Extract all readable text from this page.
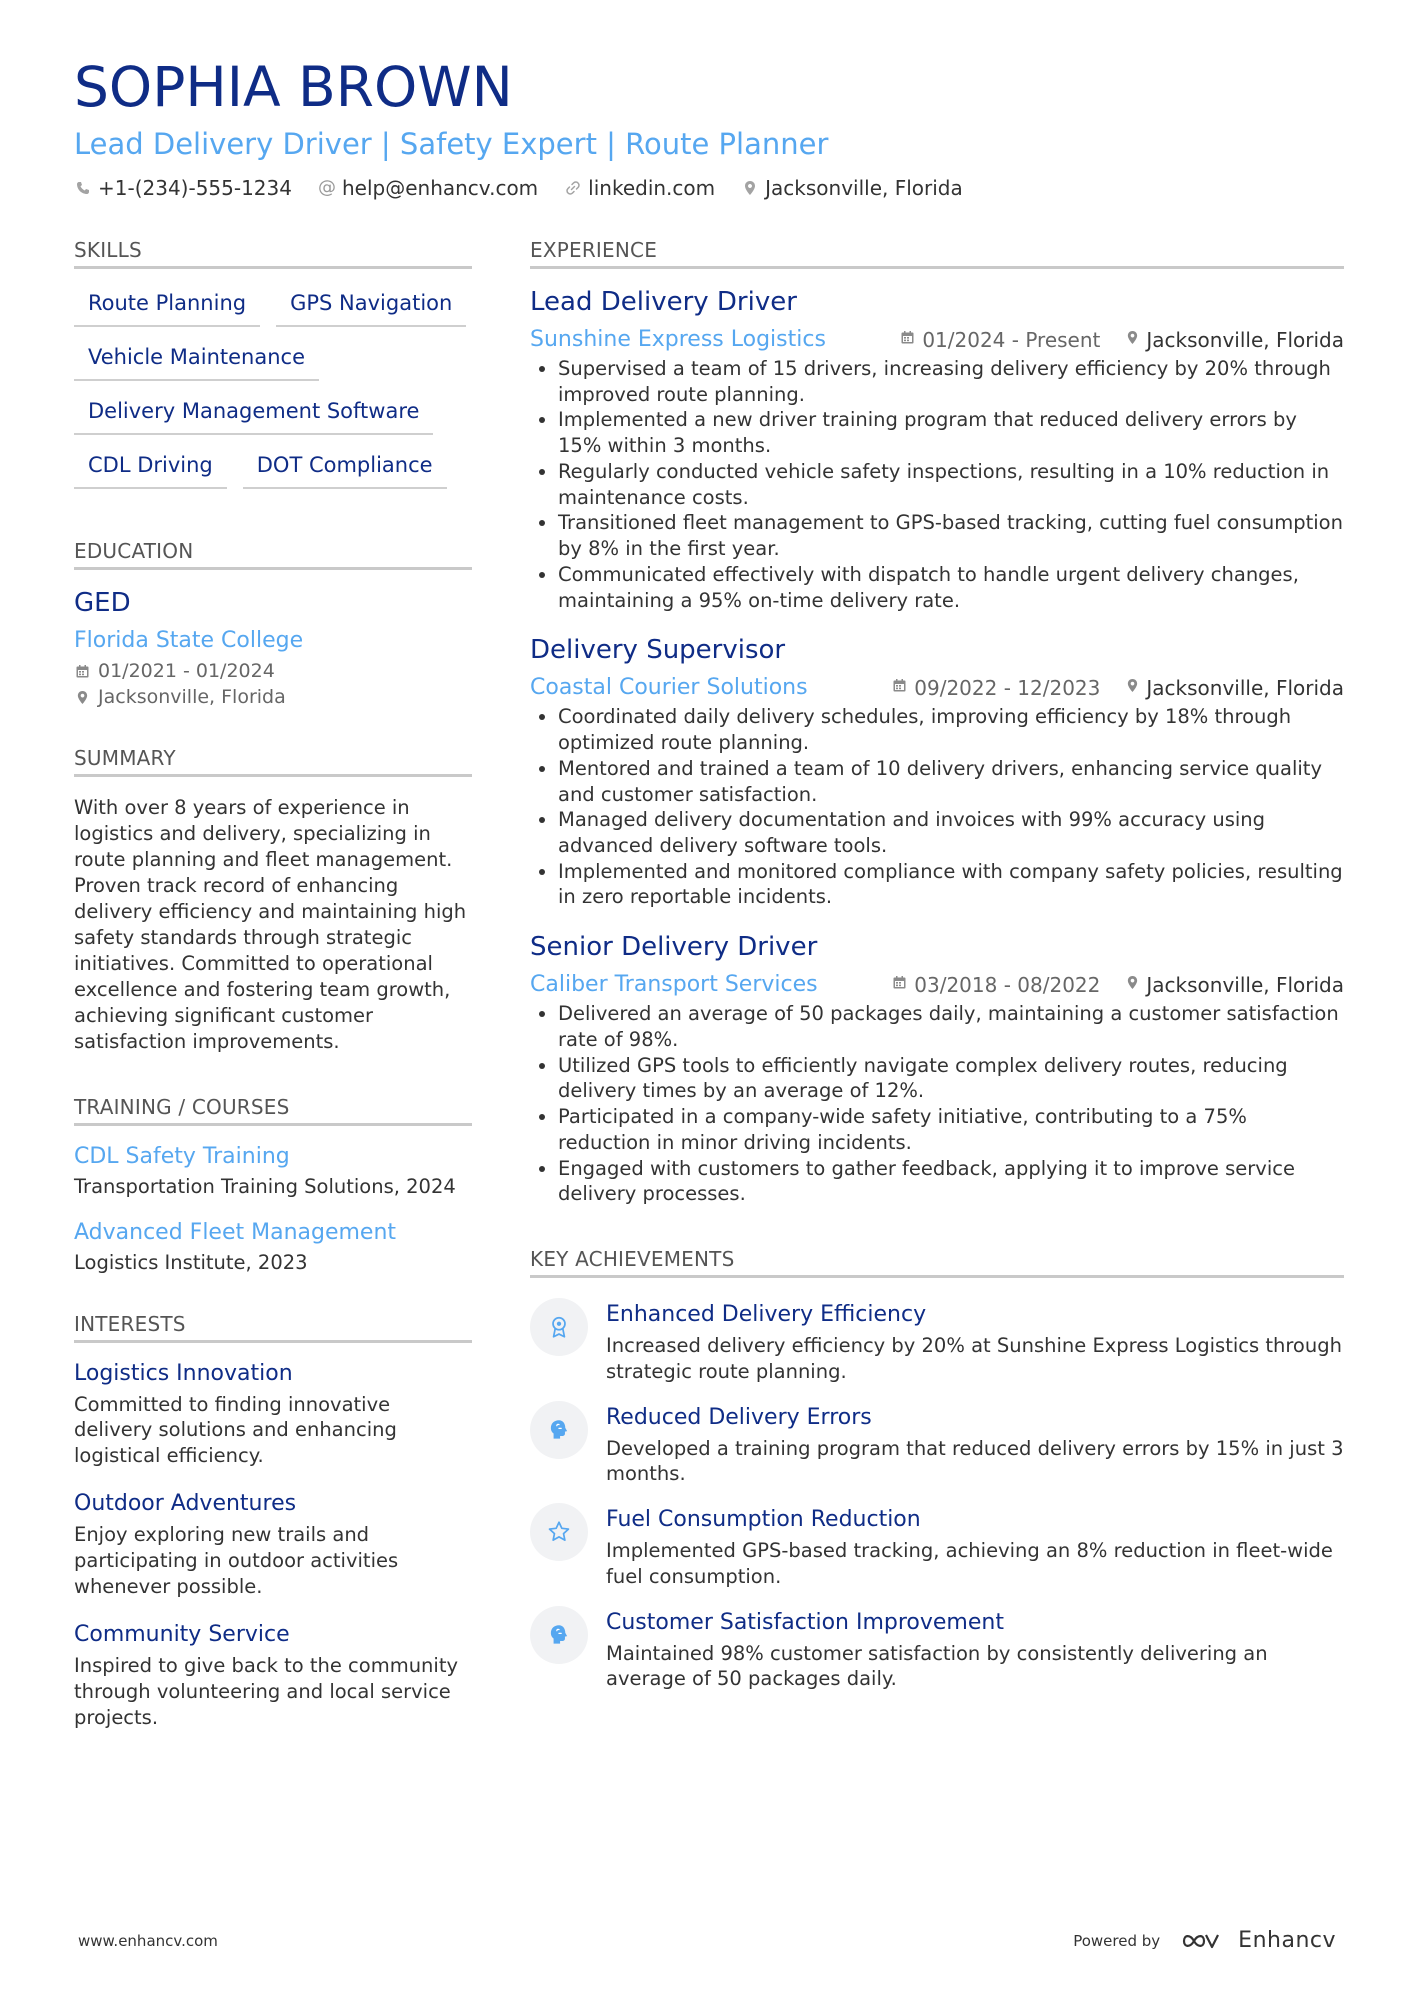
SOPHIA BROWN
Lead Delivery Driver | Safety Expert | Route Planner
+1-(234)-555-1234 @ help@enhancv.com	linkedin.com	Jacksonville, Florida
SKILLS
Route Planning	GPS Navigation
Vehicle Maintenance
Delivery Management Software
CDL Driving	DOT Compliance
EDUCATION
GED
Florida State College
01/2021 - 01/2024
Jacksonville, Florida
SUMMARY
With over 8 years of experience in logistics and delivery, specializing in route planning and fleet management. Proven track record of enhancing delivery efficiency and maintaining high safety standards through strategic initiatives. Committed to operational excellence and fostering team growth, achieving significant customer satisfaction improvements.
TRAINING / COURSES
CDL Safety Training
Transportation Training Solutions, 2024
Advanced Fleet Management
Logistics Institute, 2023
INTERESTS
Logistics Innovation
Committed to finding innovative delivery solutions and enhancing logistical efficiency.
Outdoor Adventures
Enjoy exploring new trails and participating in outdoor activities whenever possible.
Community Service
Inspired to give back to the community through volunteering and local service projects.
EXPERIENCE
Lead Delivery Driver
Sunshine Express Logistics	01/2024 - Present Jacksonville, Florida
• Supervised a team of 15 drivers, increasing delivery efficiency by 20% through improved route planning.
• Implemented a new driver training program that reduced delivery errors by 15% within 3 months.
• Regularly conducted vehicle safety inspections, resulting in a 10% reduction in maintenance costs.
• Transitioned fleet management to GPS-based tracking, cutting fuel consumption by 8% in the first year.
• Communicated effectively with dispatch to handle urgent delivery changes, maintaining a 95% on-time delivery rate.
Delivery Supervisor
Coastal Courier Solutions	09/2022 - 12/2023 Jacksonville, Florida
• Coordinated daily delivery schedules, improving efficiency by 18% through optimized route planning.
• Mentored and trained a team of 10 delivery drivers, enhancing service quality and customer satisfaction.
• Managed delivery documentation and invoices with 99% accuracy using advanced delivery software tools.
• Implemented and monitored compliance with company safety policies, resulting in zero reportable incidents.
Senior Delivery Driver
Caliber Transport Services	03/2018 - 08/2022 Jacksonville, Florida
• Delivered an average of 50 packages daily, maintaining a customer satisfaction rate of 98%.
• Utilized GPS tools to efficiently navigate complex delivery routes, reducing delivery times by an average of 12%.
• Participated in a company-wide safety initiative, contributing to a 75% reduction in minor driving incidents.
• Engaged with customers to gather feedback, applying it to improve service delivery processes.
KEY ACHIEVEMENTS
Enhanced Delivery Efficiency
Increased delivery efficiency by 20% at Sunshine Express Logistics through strategic route planning.
Reduced Delivery Errors
Developed a training program that reduced delivery errors by 15% in just 3 months.
Fuel Consumption Reduction
Implemented GPS-based tracking, achieving an 8% reduction in fleet-wide fuel consumption.
Customer Satisfaction Improvement
Maintained 98% customer satisfaction by consistently delivering an average of 50 packages daily.
www.enhancv.com	Powered by	Enhancv
